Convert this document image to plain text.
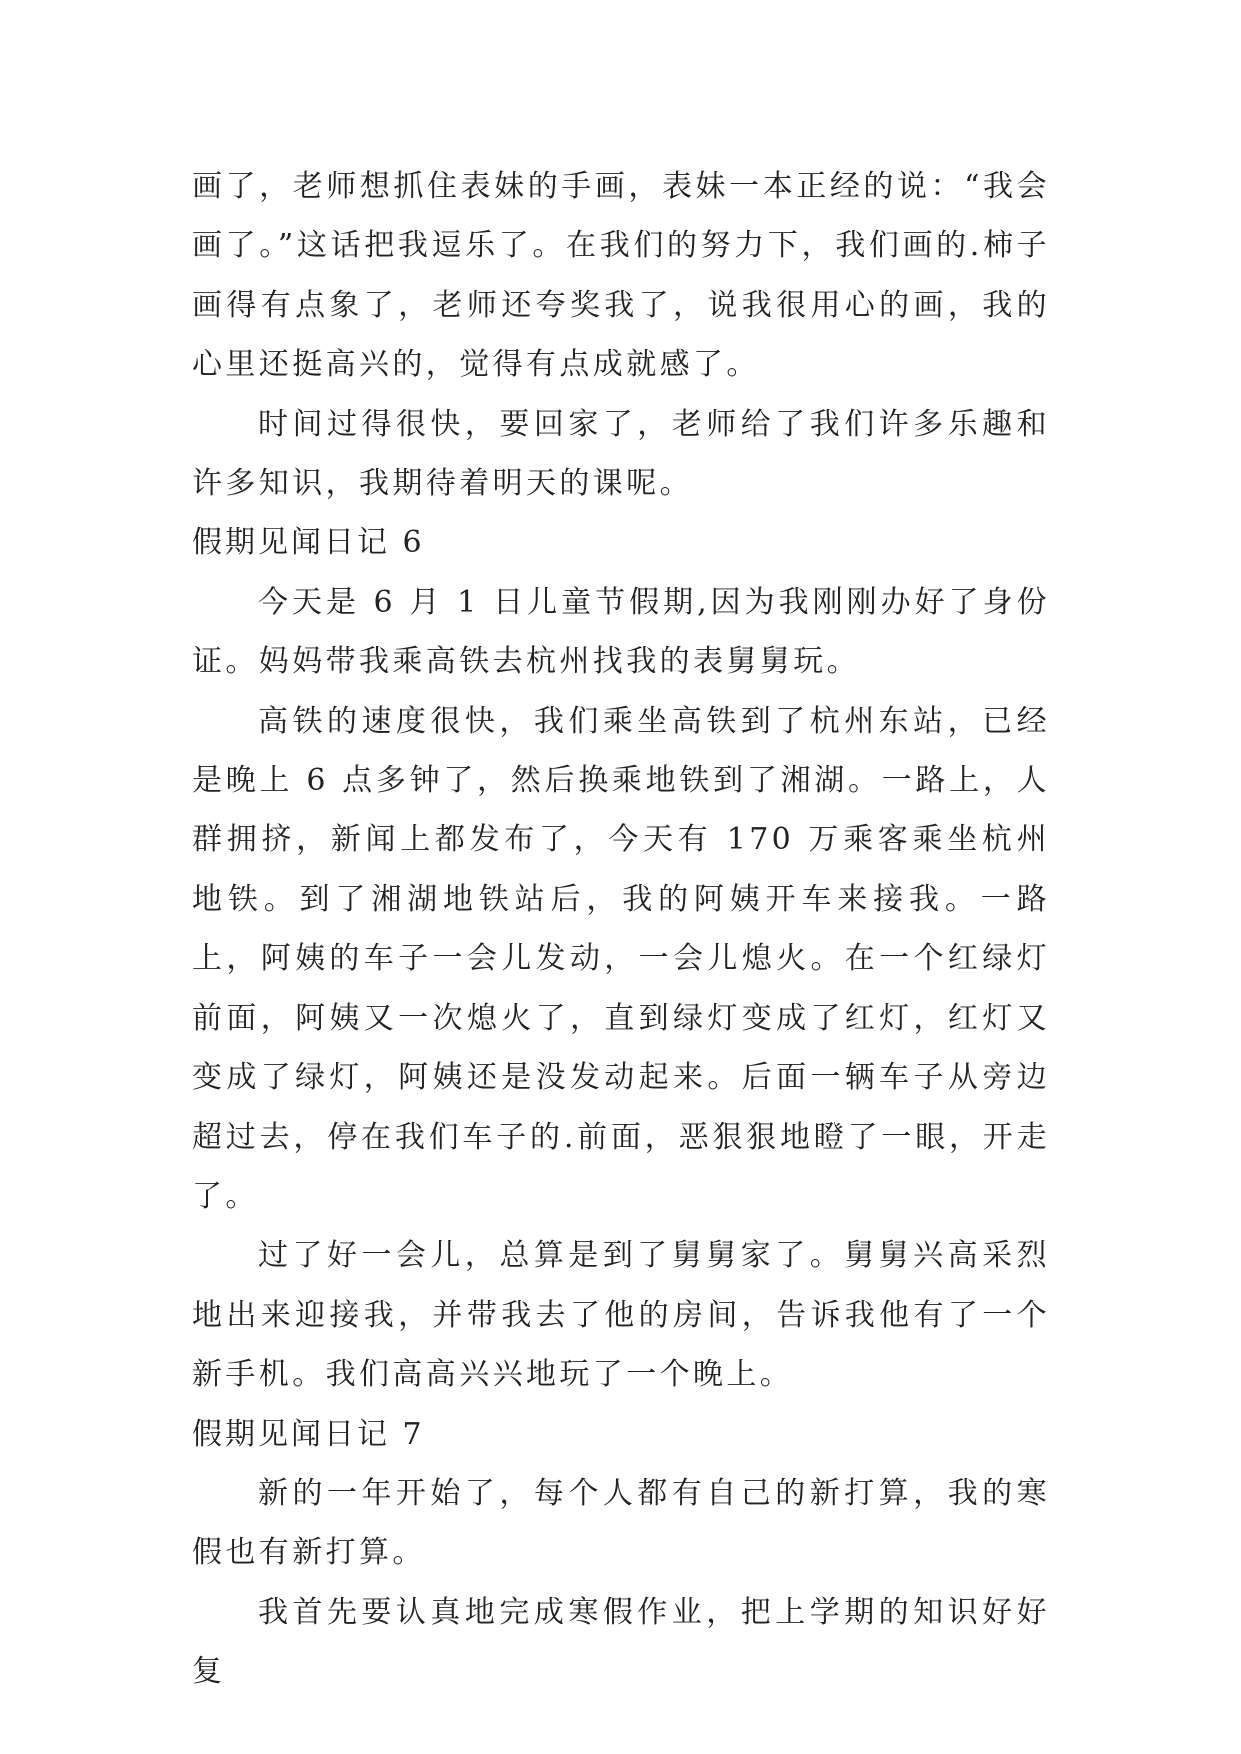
画了，老师想抓住表妹的手画，表妹一本正经的说：“我会画了。”这话把我逗乐了。在我们的努力下，我们画的.柿子画得有点象了，老师还夸奖我了，说我很用心的画，我的心里还挺高兴的，觉得有点成就感了。

时间过得很快，要回家了，老师给了我们许多乐趣和许多知识，我期待着明天的课呢。

假期见闻日记 6

今天是 6 月 1 日儿童节假期,因为我刚刚办好了身份证。妈妈带我乘高铁去杭州找我的表舅舅玩。

高铁的速度很快，我们乘坐高铁到了杭州东站，已经是晚上 6 点多钟了，然后换乘地铁到了湘湖。一路上，人群拥挤，新闻上都发布了，今天有 170 万乘客乘坐杭州地铁。到了湘湖地铁站后，我的阿姨开车来接我。一路上，阿姨的车子一会儿发动，一会儿熄火。在一个红绿灯前面，阿姨又一次熄火了，直到绿灯变成了红灯，红灯又变成了绿灯，阿姨还是没发动起来。后面一辆车子从旁边超过去，停在我们车子的.前面，恶狠狠地瞪了一眼，开走了。

过了好一会儿，总算是到了舅舅家了。舅舅兴高采烈地出来迎接我，并带我去了他的房间，告诉我他有了一个新手机。我们高高兴兴地玩了一个晚上。

假期见闻日记 7

新的一年开始了，每个人都有自己的新打算，我的寒假也有新打算。

我首先要认真地完成寒假作业，把上学期的知识好好复
